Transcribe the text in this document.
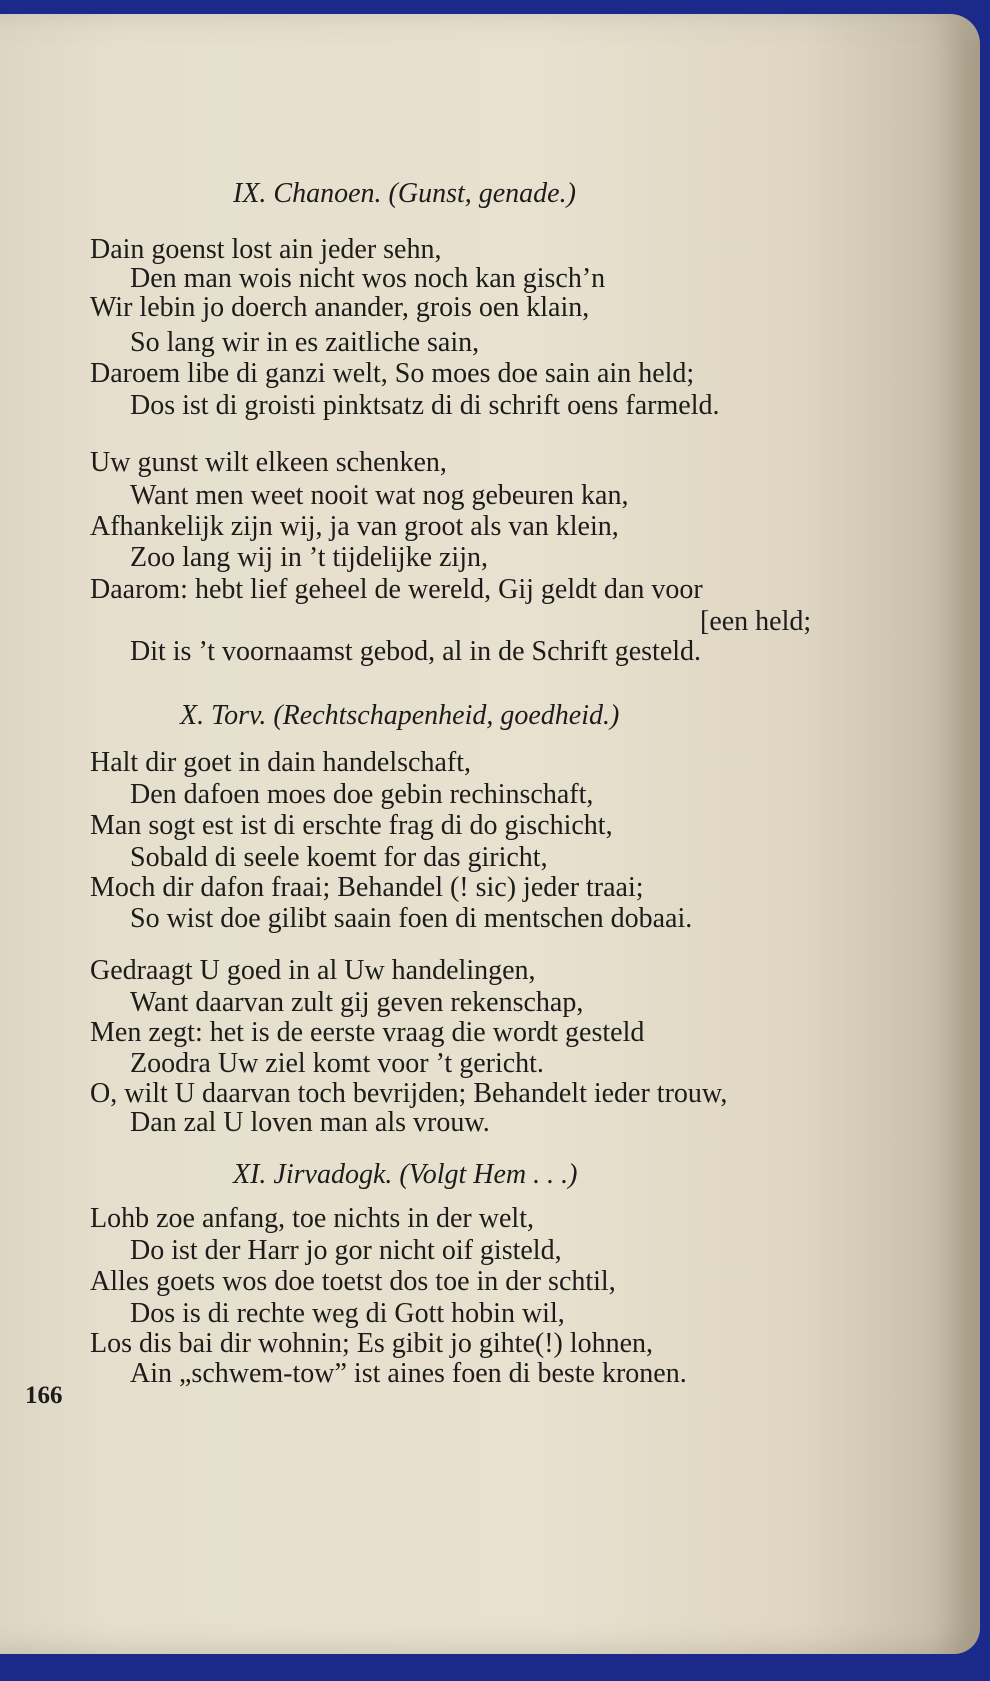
IX. Chanoen. (Gunst, genade.)

Dain goenst lost ain jeder sehn,

Den man wois nicht wos noch kan gisch’n

Wir lebin jo doerch anander, grois oen klain,

So lang wir in es zaitliche sain,

Daroem libe di ganzi welt, So moes doe sain ain held;

Dos ist di groisti pinktsatz di di schrift oens farmeld.

Uw gunst wilt elkeen schenken,

Want men weet nooit wat nog gebeuren kan,

Afhankelijk zijn wij, ja van groot als van klein,

Zoo lang wij in ’t tijdelijke zijn,

Daarom: hebt lief geheel de wereld, Gij geldt dan voor

[een held;

Dit is ’t voornaamst gebod, al in de Schrift gesteld.

X. Torv. (Rechtschapenheid, goedheid.)

Halt dir goet in dain handelschaft,

Den dafoen moes doe gebin rechinschaft,

Man sogt est ist di erschte frag di do gischicht,

Sobald di seele koemt for das giricht,

Moch dir dafon fraai; Behandel (! sic) jeder traai;

So wist doe gilibt saain foen di mentschen dobaai.

Gedraagt U goed in al Uw handelingen,

Want daarvan zult gij geven rekenschap,

Men zegt: het is de eerste vraag die wordt gesteld

Zoodra Uw ziel komt voor ’t gericht.

O, wilt U daarvan toch bevrijden; Behandelt ieder trouw,

Dan zal U loven man als vrouw.

XI. Jirvadogk. (Volgt Hem . . .)

Lohb zoe anfang, toe nichts in der welt,

Do ist der Harr jo gor nicht oif gisteld,

Alles goets wos doe toetst dos toe in der schtil,

Dos is di rechte weg di Gott hobin wil,

Los dis bai dir wohnin; Es gibit jo gihte(!) lohnen,

Ain „schwem-tow” ist aines foen di beste kronen.

166
